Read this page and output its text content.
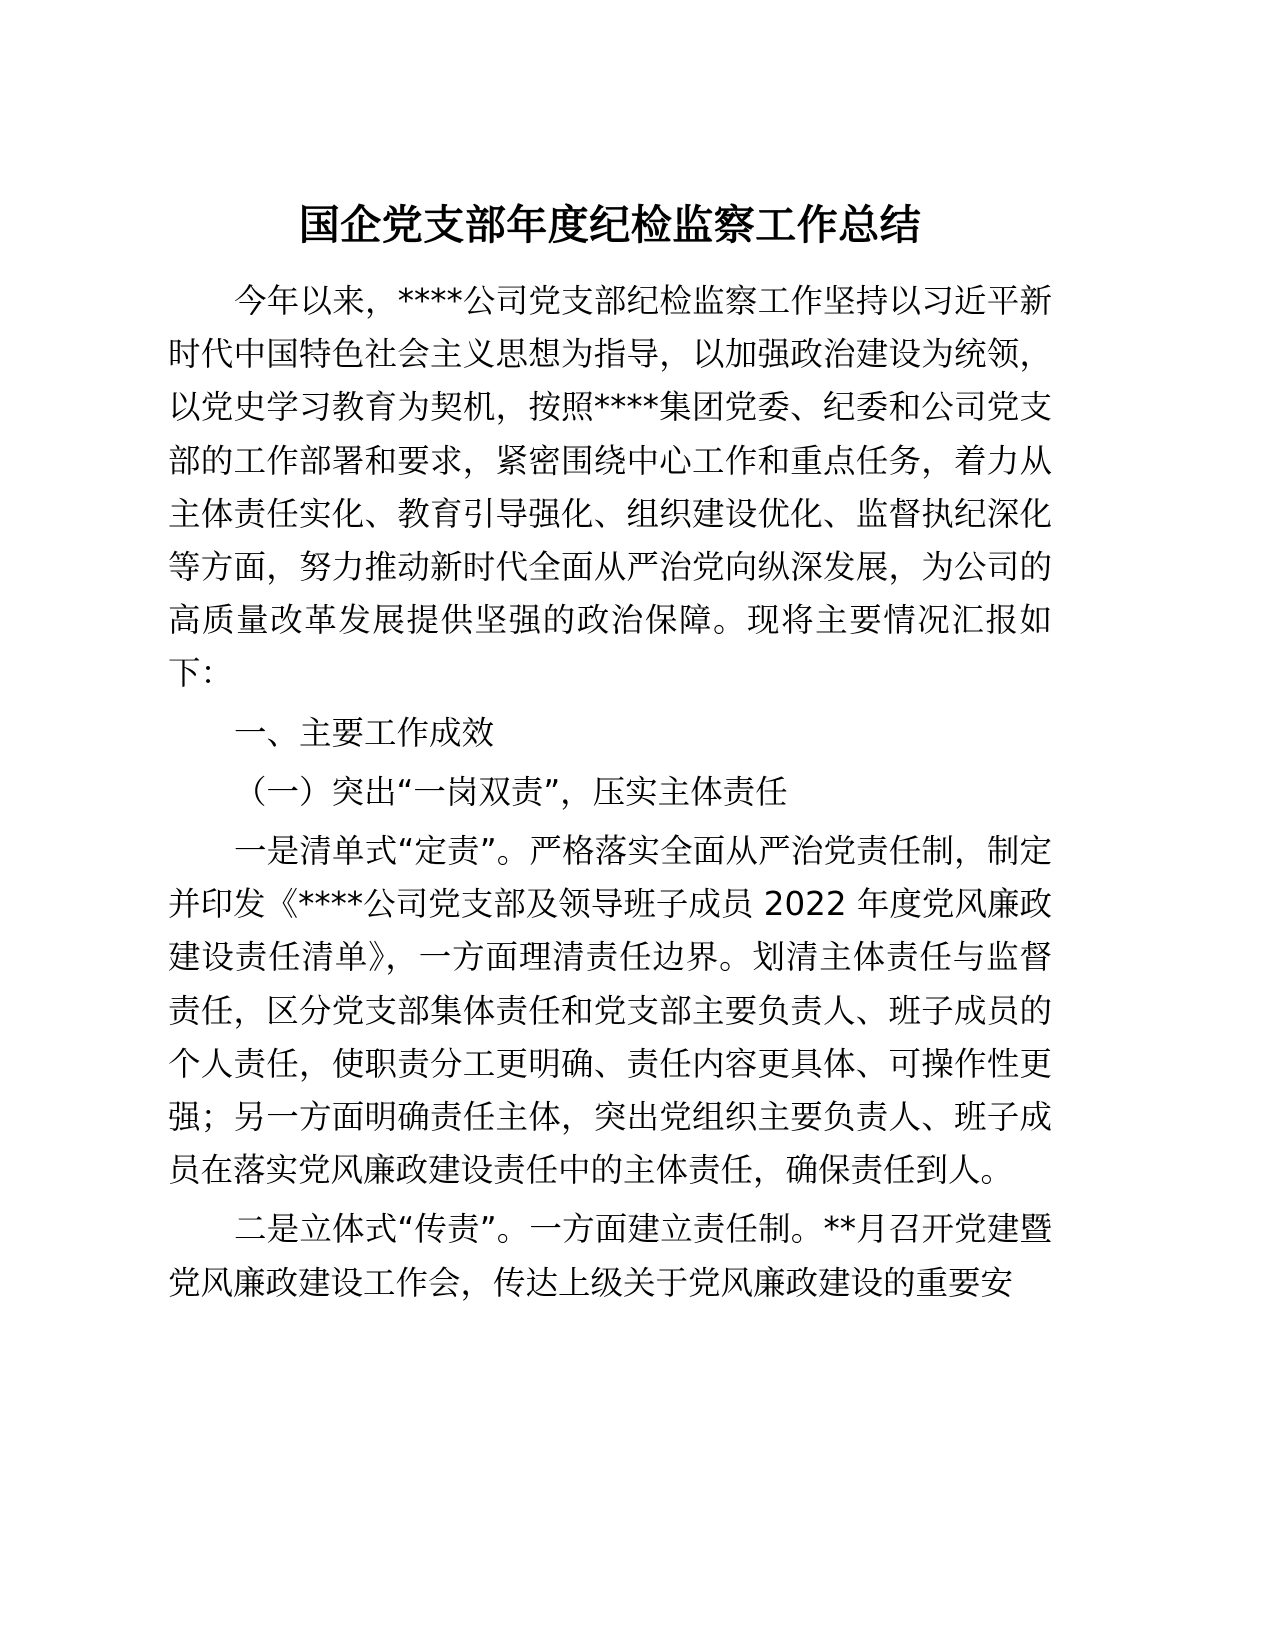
国企党支部年度纪检监察工作总结

今年以来，****公司党支部纪检监察工作坚持以习近平新时代中国特色社会主义思想为指导，以加强政治建设为统领，以党史学习教育为契机，按照****集团党委、纪委和公司党支部的工作部署和要求，紧密围绕中心工作和重点任务，着力从主体责任实化、教育引导强化、组织建设优化、监督执纪深化等方面，努力推动新时代全面从严治党向纵深发展，为公司的高质量改革发展提供坚强的政治保障。现将主要情况汇报如下：

一、主要工作成效

（一）突出“一岗双责”，压实主体责任

一是清单式“定责”。严格落实全面从严治党责任制，制定并印发《****公司党支部及领导班子成员 2022 年度党风廉政建设责任清单》，一方面理清责任边界。划清主体责任与监督责任，区分党支部集体责任和党支部主要负责人、班子成员的个人责任，使职责分工更明确、责任内容更具体、可操作性更强；另一方面明确责任主体，突出党组织主要负责人、班子成员在落实党风廉政建设责任中的主体责任，确保责任到人。

二是立体式“传责”。一方面建立责任制。**月召开党建暨党风廉政建设工作会，传达上级关于党风廉政建设的重要安
